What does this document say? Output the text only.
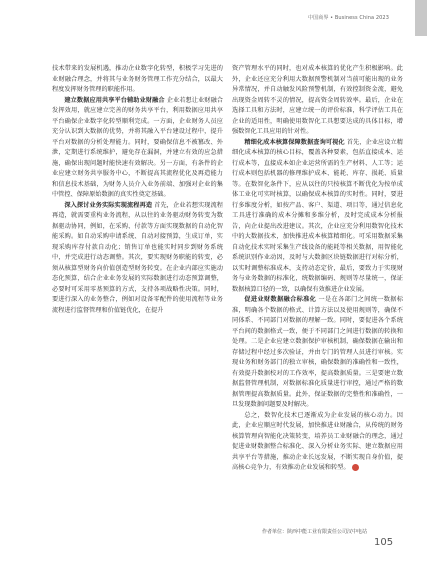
中国商界 • Business China 2023

技术带来的发展机遇，推动企业数字化转型，积极学习先进的业财融合理念，并将其与业务财务管理工作充分结合，以最大程度发挥财务管理的职能作用。

建立数据应用共享平台辅助业财融合 企业若想让业财融合发挥效用，就应建立完善的财务共享平台，利用数据应用共享平台确保企业数字化转型顺利完成。一方面，企业财务人员应充分认识到大数据的优势，并将其融入平台建设过程中，提升平台对数据的分析处理能力。同时，要确保信息不被篡改、外泄，定期进行系统维护，避免存在漏洞，并建立有效的应急措施，确保出现问题时能快速有效解决。另一方面，有条件的企业应建立财务共享服务中心，不断提高其流程优化及再造能力和信息技术基础，为财务人员介入业务前端、加强对企业的集中管控、保障原始数据的真实性奠定基础。

深入探讨业务实际实现流程再造 首先，企业若想实现流程再造，就需要重构业务流程，从以往的业务驱动财务转变为数据驱动协同，例如，在采购、付款等方面实现数据的自动化智能采购。如自动采购申请系统、自动对接预算，生成订单，实现采购库存付款自动化；销售订单也能实时同步到财务系统中，并完成进行动态调整。其次，要实现财务职能的转变，必须从核算型财务向价值创造型财务转变。在企业内部应实施动态化预算，结合企业业务发展的实际数据进行动态预算调整，必要时可采用零基预算的方式，支持各项战略性决策。同时，要进行深入的业务整合，例如对设备零配件的使用流程等业务流程进行监督管理和价值链优化，在提升

资产管理水平的同时，也对成本核算的优化产生积极影响。此外，企业还应充分利用大数据预警机制对当前可能出现的业务异常情况，并自动触发风险预警机制，有效控制资金流，避免出现资金周转不灵的情况，提高资金周转效率。最后，企业在选择工具和方法时，应建立统一的评价标准，科学评估工具在企业的适用性，明确使用数智化工具想要达成的具体目标，增强数智化工具应用的针对性。

精细化成本核算保障数据查询可视化 首先，企业应设立精细化成本核算的核心目标，覆盖各种要素，包括直接成本、运行成本等，直接成本如企业运营所需的生产材料、人工等；运行成本则包括机器的修理维护成本、能耗、库存、损耗、质量等。在数智化条件下，应从以往的只按核算不断优化为按单成体工业化可实时核算，以确保成本核算的实时性。同时，要进行多维度分析，如按产品、客户、渠道、项目等，通过信息化工具进行准确的成本分摊和多维分析，及时完成成本分析报告，向企业提出改进建议。其次，企业应充分利用数智化技术中的大数据技术，加快推进成本核算精细化。可采用数据采集自动化技术实时采集生产线设备的能耗等相关数据，用智能化系统识别作业动因，及时与大数据区块链数据进行对标分析，以实时调整标准成本，支持动态定价，最后，要致力于实现财务与业务数据的标准化，统数据编码、规则等尽量统一，保证数据核算口径的一致，以确保有效推进企业发展。

促进业财数据融合标准化 一是在各部门之间统一数据标准，明确各个数据的格式、计算方法以及使用规则等，确保不同体系、不同部门对数据的理解一致。同时，要促进各个系统平台间的数据格式一致，便于不同部门之间进行数据的转换和处理。二是企业应建立数据保护审核机制，确保数据在输出和存储过程中经过多次验证，并由专门的管理人员进行审核。实现业务和财务部门的独立审核，确保数据的准确性和一致性，有效提升数据校对的工作效率，提高数据质量。三是要建立数据监督管理机制，对数据标准化质量进行审控，通过严格的数据管理提高数据质量。此外，保证数据的完整性和准确性，一旦发现数据问题要及时解决。

总之，数智化技术已逐渐成为企业发展的核心动力。因此，企业应顺应时代发展，加快推进业财融合，从传统的财务核算管理向智能化决策转变，培养员工业财融合的理念，通过促进业财数据整合标准化、深入分析业务实际、建立数据应用共享平台等措施，推动企业长远发展，不断实现自身价值，提高核心竞争力，有效推动企业发展和转型。

作者单位：陕西中能工业有限责任公司汉中电站
105
